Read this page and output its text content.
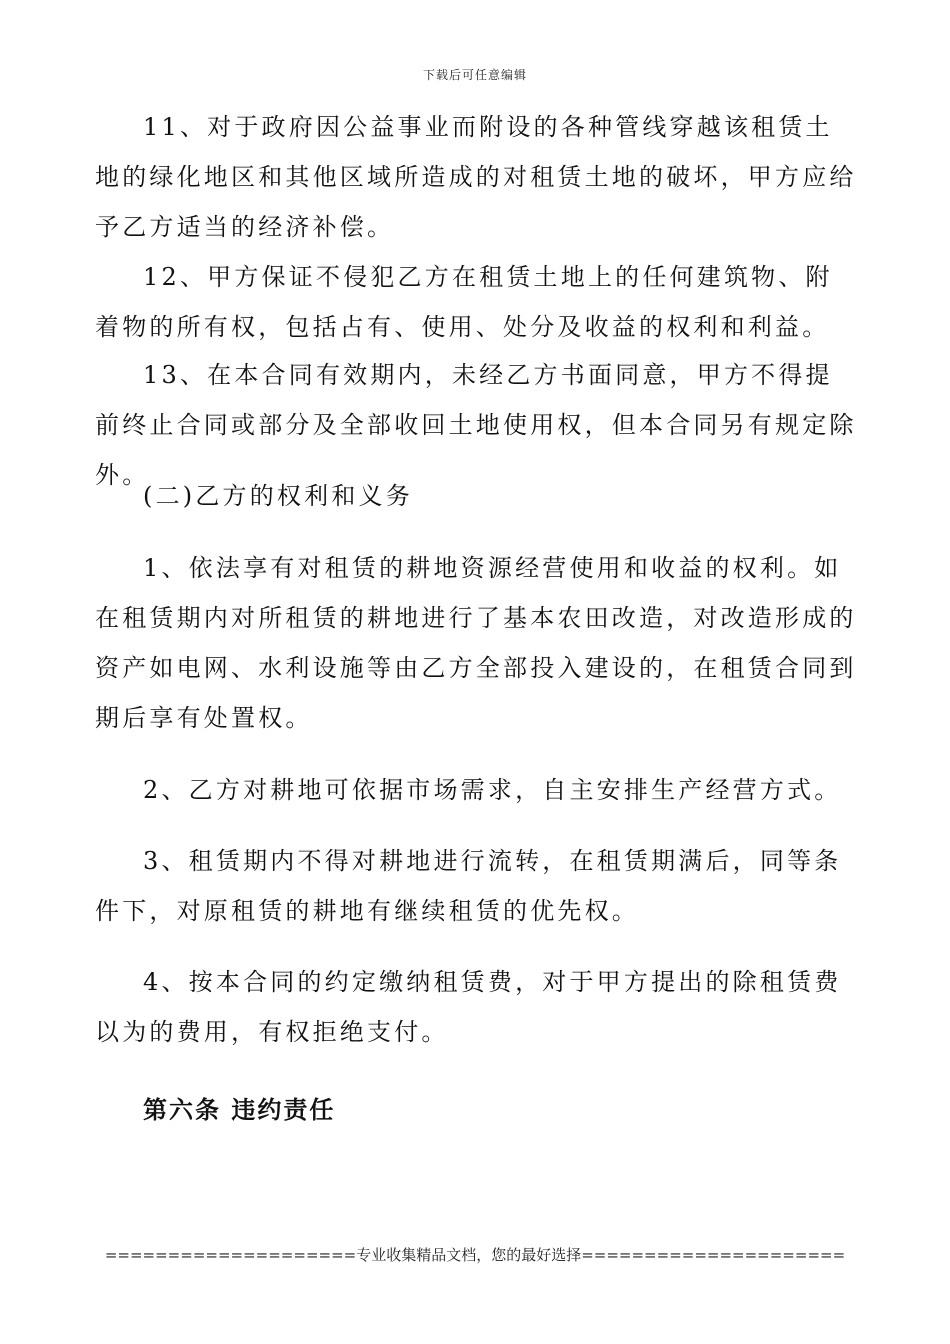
下载后可任意编辑

11、对于政府因公益事业而附设的各种管线穿越该租赁土地的绿化地区和其他区域所造成的对租赁土地的破坏，甲方应给予乙方适当的经济补偿。

12、甲方保证不侵犯乙方在租赁土地上的任何建筑物、附着物的所有权，包括占有、使用、处分及收益的权利和利益。

13、在本合同有效期内，未经乙方书面同意，甲方不得提前终止合同或部分及全部收回土地使用权，但本合同另有规定除外。

(二)乙方的权利和义务

1、依法享有对租赁的耕地资源经营使用和收益的权利。如在租赁期内对所租赁的耕地进行了基本农田改造，对改造形成的资产如电网、水利设施等由乙方全部投入建设的，在租赁合同到期后享有处置权。

2、乙方对耕地可依据市场需求，自主安排生产经营方式。

3、租赁期内不得对耕地进行流转，在租赁期满后，同等条件下，对原租赁的耕地有继续租赁的优先权。

4、按本合同的约定缴纳租赁费，对于甲方提出的除租赁费以为的费用，有权拒绝支付。

第六条 违约责任
====================专业收集精品文档，您的最好选择=====================
